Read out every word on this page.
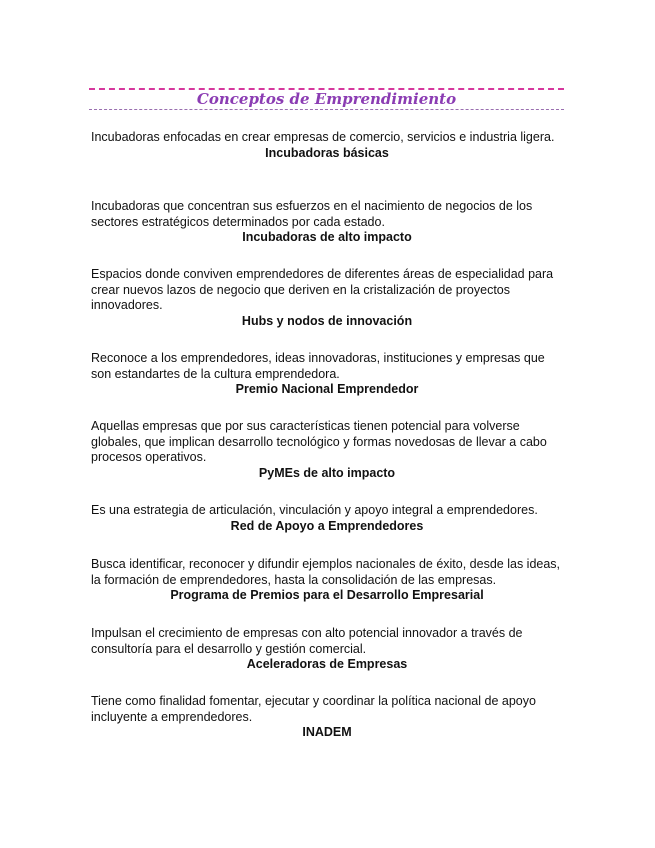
Conceptos de Emprendimiento

Incubadoras enfocadas en crear empresas de comercio, servicios e industria ligera.

Incubadoras básicas

Incubadoras que concentran sus esfuerzos en el nacimiento de negocios de los sectores estratégicos determinados por cada estado.

Incubadoras de alto impacto

Espacios donde conviven emprendedores de diferentes áreas de especialidad para crear nuevos lazos de negocio que deriven en la cristalización de proyectos innovadores.

Hubs y nodos de innovación

Reconoce a los emprendedores, ideas innovadoras, instituciones y empresas que son estandartes de la cultura emprendedora.

Premio Nacional Emprendedor

Aquellas empresas que por sus características tienen potencial para volverse globales, que implican desarrollo tecnológico y formas novedosas de llevar a cabo procesos operativos.

PyMEs de alto impacto

Es una estrategia de articulación, vinculación y apoyo integral a emprendedores.

Red de Apoyo a Emprendedores

Busca identificar, reconocer y difundir ejemplos nacionales de éxito, desde las ideas, la formación de emprendedores, hasta la consolidación de las empresas.

Programa de Premios para el Desarrollo Empresarial

Impulsan el crecimiento de empresas con alto potencial innovador a través de consultoría para el desarrollo y gestión comercial.

Aceleradoras de Empresas

Tiene como finalidad fomentar, ejecutar y coordinar la política nacional de apoyo incluyente a emprendedores.

INADEM
